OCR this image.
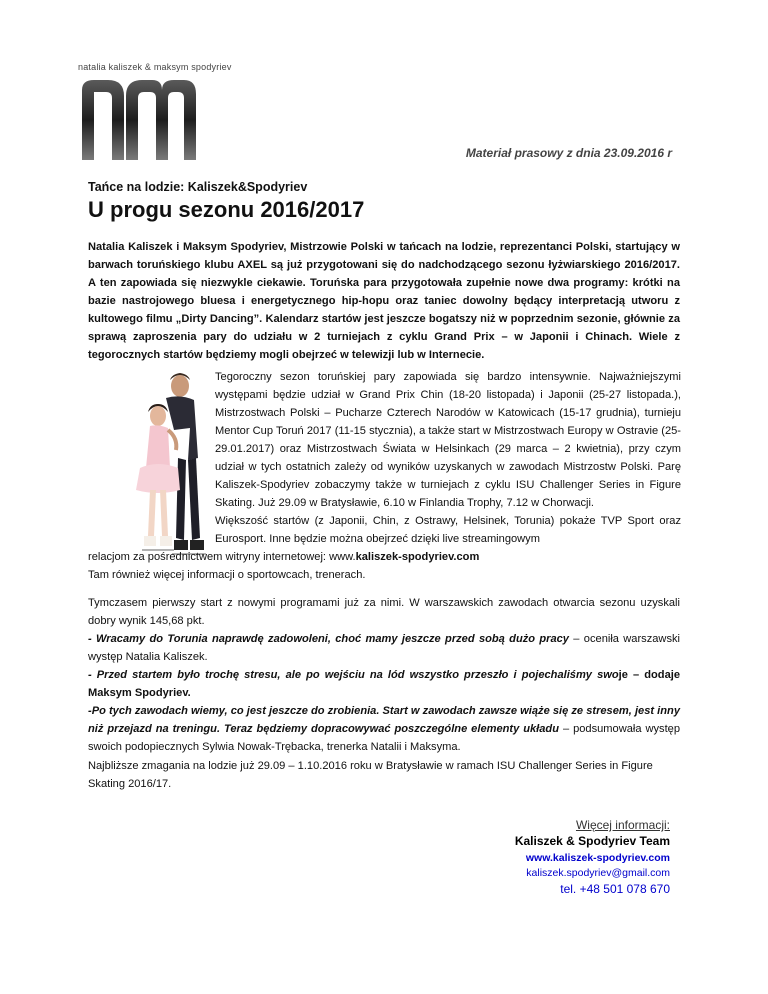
natalia kaliszek & maksym spodyriev
Materiał prasowy z dnia 23.09.2016 r
Tańce na lodzie: Kaliszek&Spodyriev
U progu sezonu 2016/2017

Natalia Kaliszek i Maksym Spodyriev, Mistrzowie Polski w tańcach na lodzie, reprezentanci Polski, startujący w barwach toruńskiego klubu AXEL są już przygotowani się do nadchodzącego sezonu łyżwiarskiego 2016/2017. A ten zapowiada się niezwykle ciekawie. Toruńska para przygotowała zupełnie nowe dwa programy: krótki na bazie nastrojowego bluesa i energetycznego hip-hopu oraz taniec dowolny będący interpretacją utworu z kultowego filmu „Dirty Dancing”. Kalendarz startów jest jeszcze bogatszy niż w poprzednim sezonie, głównie za sprawą zaproszenia pary do udziału w 2 turniejach z cyklu Grand Prix – w Japonii i Chinach. Wiele z tegorocznych startów będziemy mogli obejrzeć w telewizji lub w Internecie.

Tegoroczny sezon toruńskiej pary zapowiada się bardzo intensywnie. Najważniejszymi występami będzie udział w Grand Prix Chin (18-20 listopada) i Japonii (25-27 listopada.), Mistrzostwach Polski – Pucharze Czterech Narodów w Katowicach (15-17 grudnia), turnieju Mentor Cup Toruń 2017 (11-15 stycznia), a także start w Mistrzostwach Europy w Ostravie (25-29.01.2017) oraz Mistrzostwach Świata w Helsinkach (29 marca – 2 kwietnia), przy czym udział w tych ostatnich zależy od wyników uzyskanych w zawodach Mistrzostw Polski. Parę Kaliszek-Spodyriev zobaczymy także w turniejach z cyklu ISU Challenger Series in Figure Skating. Już 29.09 w Bratysławie, 6.10 w Finlandia Trophy, 7.12 w Chorwacji.

Większość startów (z Japonii, Chin, z Ostrawy, Helsinek, Torunia) pokaże TVP Sport oraz Eurosport. Inne będzie można obejrzeć dzięki live streamingowym

relacjom za pośrednictwem witryny internetowej: www.kaliszek-spodyriev.com

Tam również więcej informacji o sportowcach, trenerach.

Tymczasem pierwszy start z nowymi programami już za nimi. W warszawskich zawodach otwarcia sezonu uzyskali dobry wynik 145,68 pkt.

- Wracamy do Torunia naprawdę zadowoleni, choć mamy jeszcze przed sobą dużo pracy – oceniła warszawski występ Natalia Kaliszek.

- Przed startem było trochę stresu, ale po wejściu na lód wszystko przeszło i pojechaliśmy swoje – dodaje Maksym Spodyriev.

-Po tych zawodach wiemy, co jest jeszcze do zrobienia. Start w zawodach zawsze wiąże się ze stresem, jest inny niż przejazd na treningu. Teraz będziemy dopracowywać poszczególne elementy układu – podsumowała występ swoich podopiecznych Sylwia Nowak-Trębacka, trenerka Natalii i Maksyma.

Najbliższe zmagania na lodzie już 29.09 – 1.10.2016 roku w Bratysławie w ramach ISU Challenger Series in Figure Skating 2016/17.

Więcej informacji:
Kaliszek & Spodyriev Team
www.kaliszek-spodyriev.com
kaliszek.spodyriev@gmail.com
tel. +48 501 078 670
